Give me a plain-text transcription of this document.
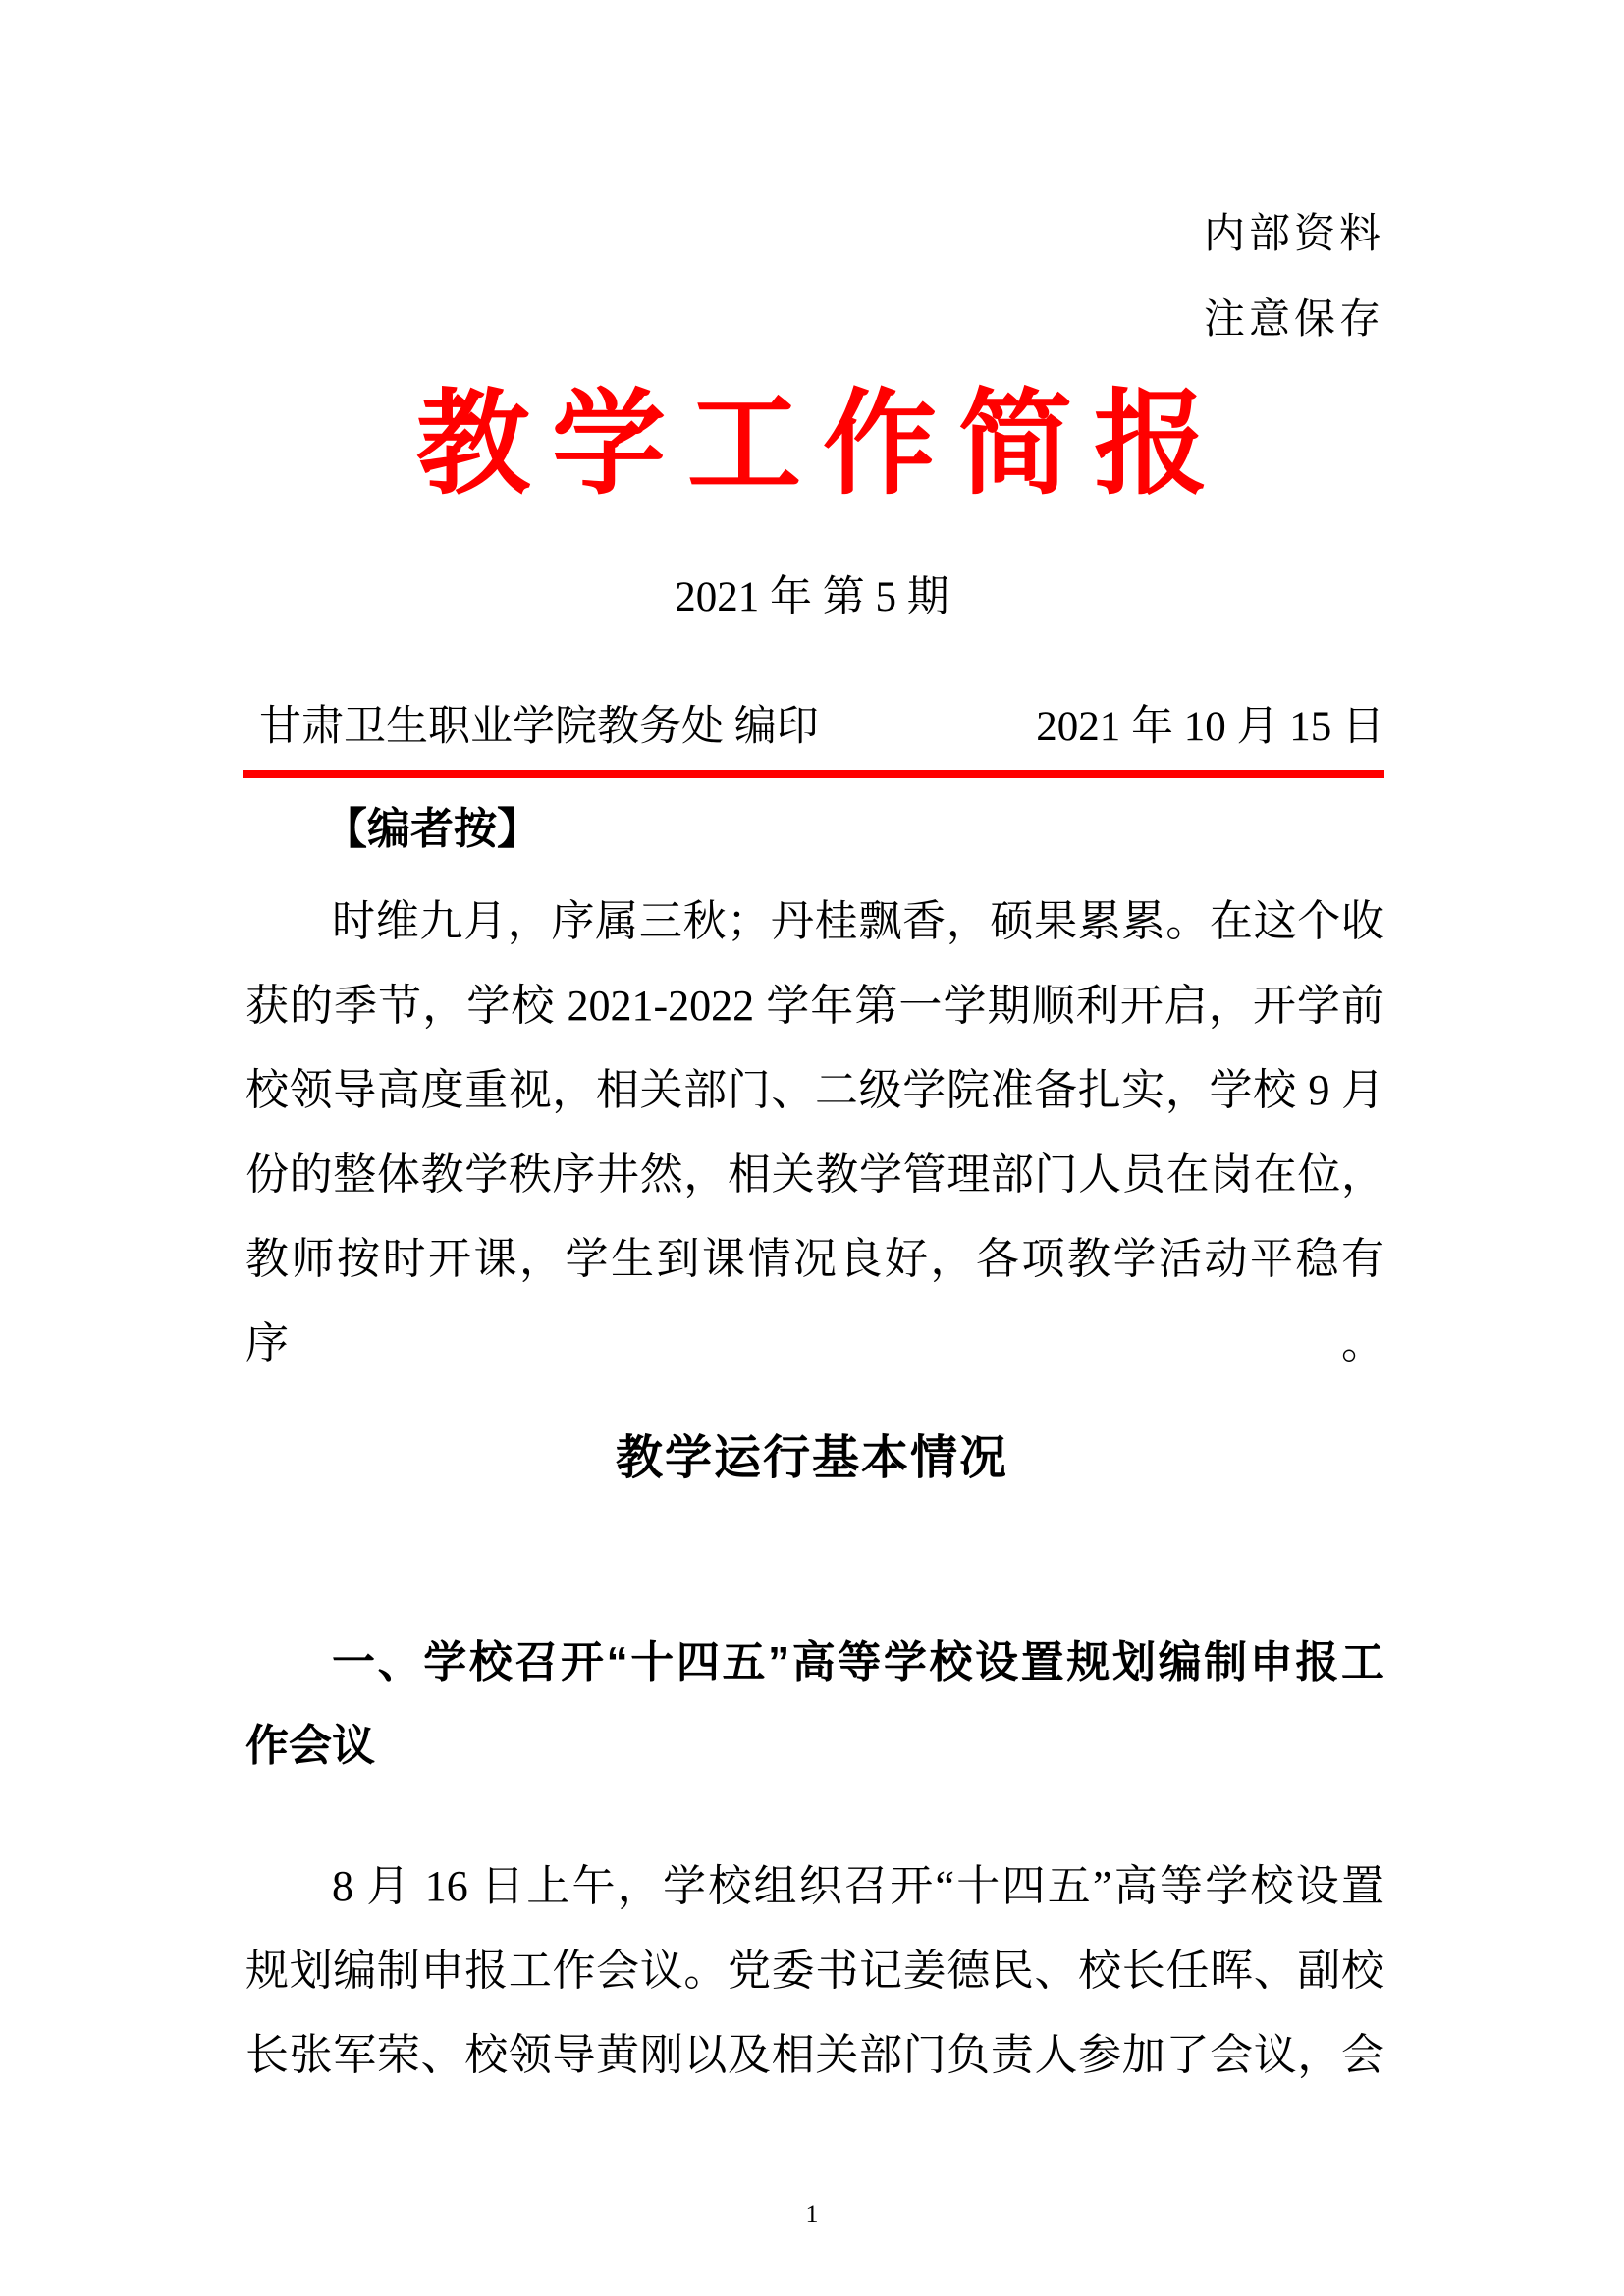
内部资料
注意保存
教学工作简报
2021 年 第 5 期
甘肃卫生职业学院教务处 编印	2021 年 10 月 15 日
【编者按】
时维九月，序属三秋；丹桂飘香，硕果累累。在这个收
获的季节，学校 2021-2022 学年第一学期顺利开启，开学前
校领导高度重视，相关部门、二级学院准备扎实，学校 9 月
份的整体教学秩序井然，相关教学管理部门人员在岗在位，
教师按时开课，学生到课情况良好，各项教学活动平稳有序。
教学运行基本情况
一、学校召开“十四五”高等学校设置规划编制申报工
作会议
8 月 16 日上午，学校组织召开“十四五”高等学校设置
规划编制申报工作会议。党委书记姜德民、校长任晖、副校
长张军荣、校领导黄刚以及相关部门负责人参加了会议，会
1
